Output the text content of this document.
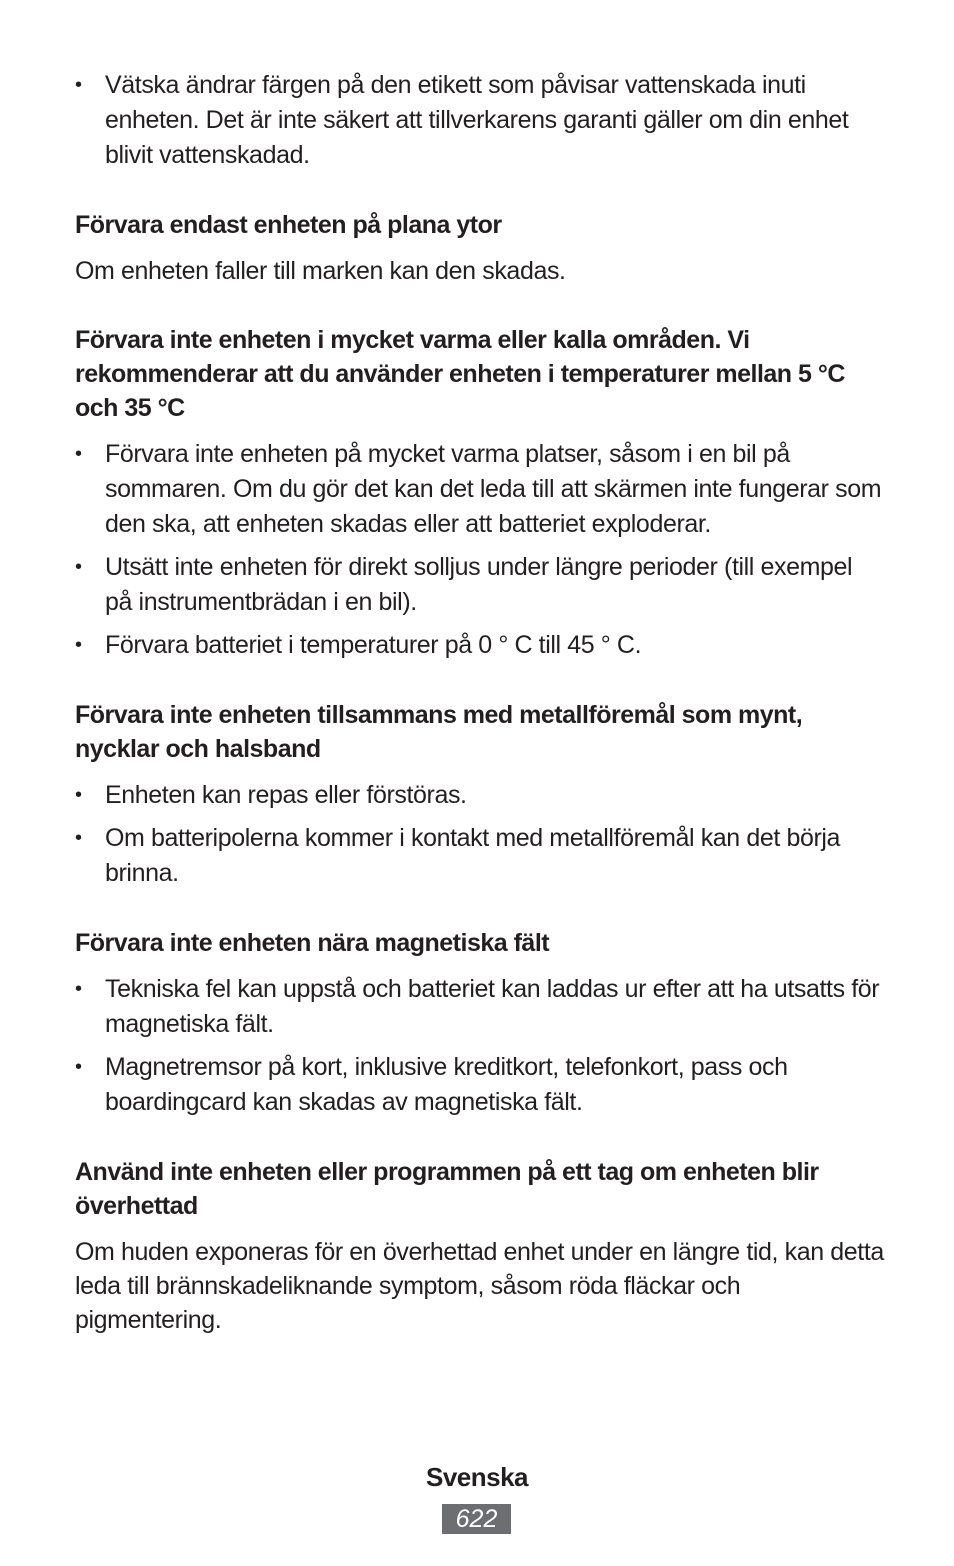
• Vätska ändrar färgen på den etikett som påvisar vattenskada inuti enheten. Det är inte säkert att tillverkarens garanti gäller om din enhet blivit vattenskadad.

Förvara endast enheten på plana ytor

Om enheten faller till marken kan den skadas.

Förvara inte enheten i mycket varma eller kalla områden. Vi rekommenderar att du använder enheten i temperaturer mellan 5 °C och 35 °C

• Förvara inte enheten på mycket varma platser, såsom i en bil på sommaren. Om du gör det kan det leda till att skärmen inte fungerar som den ska, att enheten skadas eller att batteriet exploderar.
• Utsätt inte enheten för direkt solljus under längre perioder (till exempel på instrumentbrädan i en bil).
• Förvara batteriet i temperaturer på 0 ° C till 45 ° C.

Förvara inte enheten tillsammans med metallföremål som mynt, nycklar och halsband

• Enheten kan repas eller förstöras.
• Om batteripolerna kommer i kontakt med metallföremål kan det börja brinna.

Förvara inte enheten nära magnetiska fält

• Tekniska fel kan uppstå och batteriet kan laddas ur efter att ha utsatts för magnetiska fält.
• Magnetremsor på kort, inklusive kreditkort, telefonkort, pass och boardingcard kan skadas av magnetiska fält.

Använd inte enheten eller programmen på ett tag om enheten blir överhettad

Om huden exponeras för en överhettad enhet under en längre tid, kan detta leda till brännskadeliknande symptom, såsom röda fläckar och pigmentering.

Svenska
622
